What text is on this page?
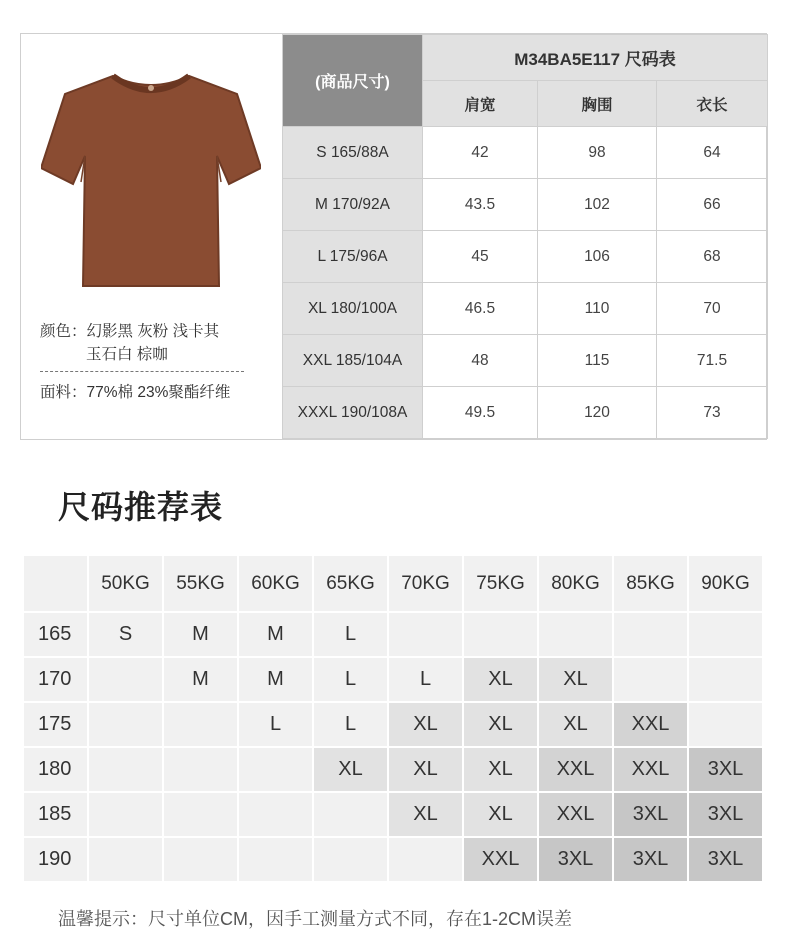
颜色：幻影黑 灰粉 浅卡其
玉石白 棕咖
面料：77%棉 23%聚酯纤维
(商品尺寸)	M34BA5E117 尺码表		
	肩宽	胸围	衣长
S 165/88A	42	98	64
M 170/92A	43.5	102	66
L 175/96A	45	106	68
XL 180/100A	46.5	110	70
XXL 185/104A	48	115	71.5
XXXL 190/108A	49.5	120	73
尺码推荐表
	50KG	55KG	60KG	65KG	70KG	75KG	80KG	85KG	90KG
165	S	M	M	L					
170		M	M	L	L	XL	XL		
175			L	L	XL	XL	XL	XXL	
180				XL	XL	XL	XXL	XXL	3XL
185					XL	XL	XXL	3XL	3XL
190						XXL	3XL	3XL	3XL
温馨提示：尺寸单位CM，因手工测量方式不同，存在1-2CM误差
